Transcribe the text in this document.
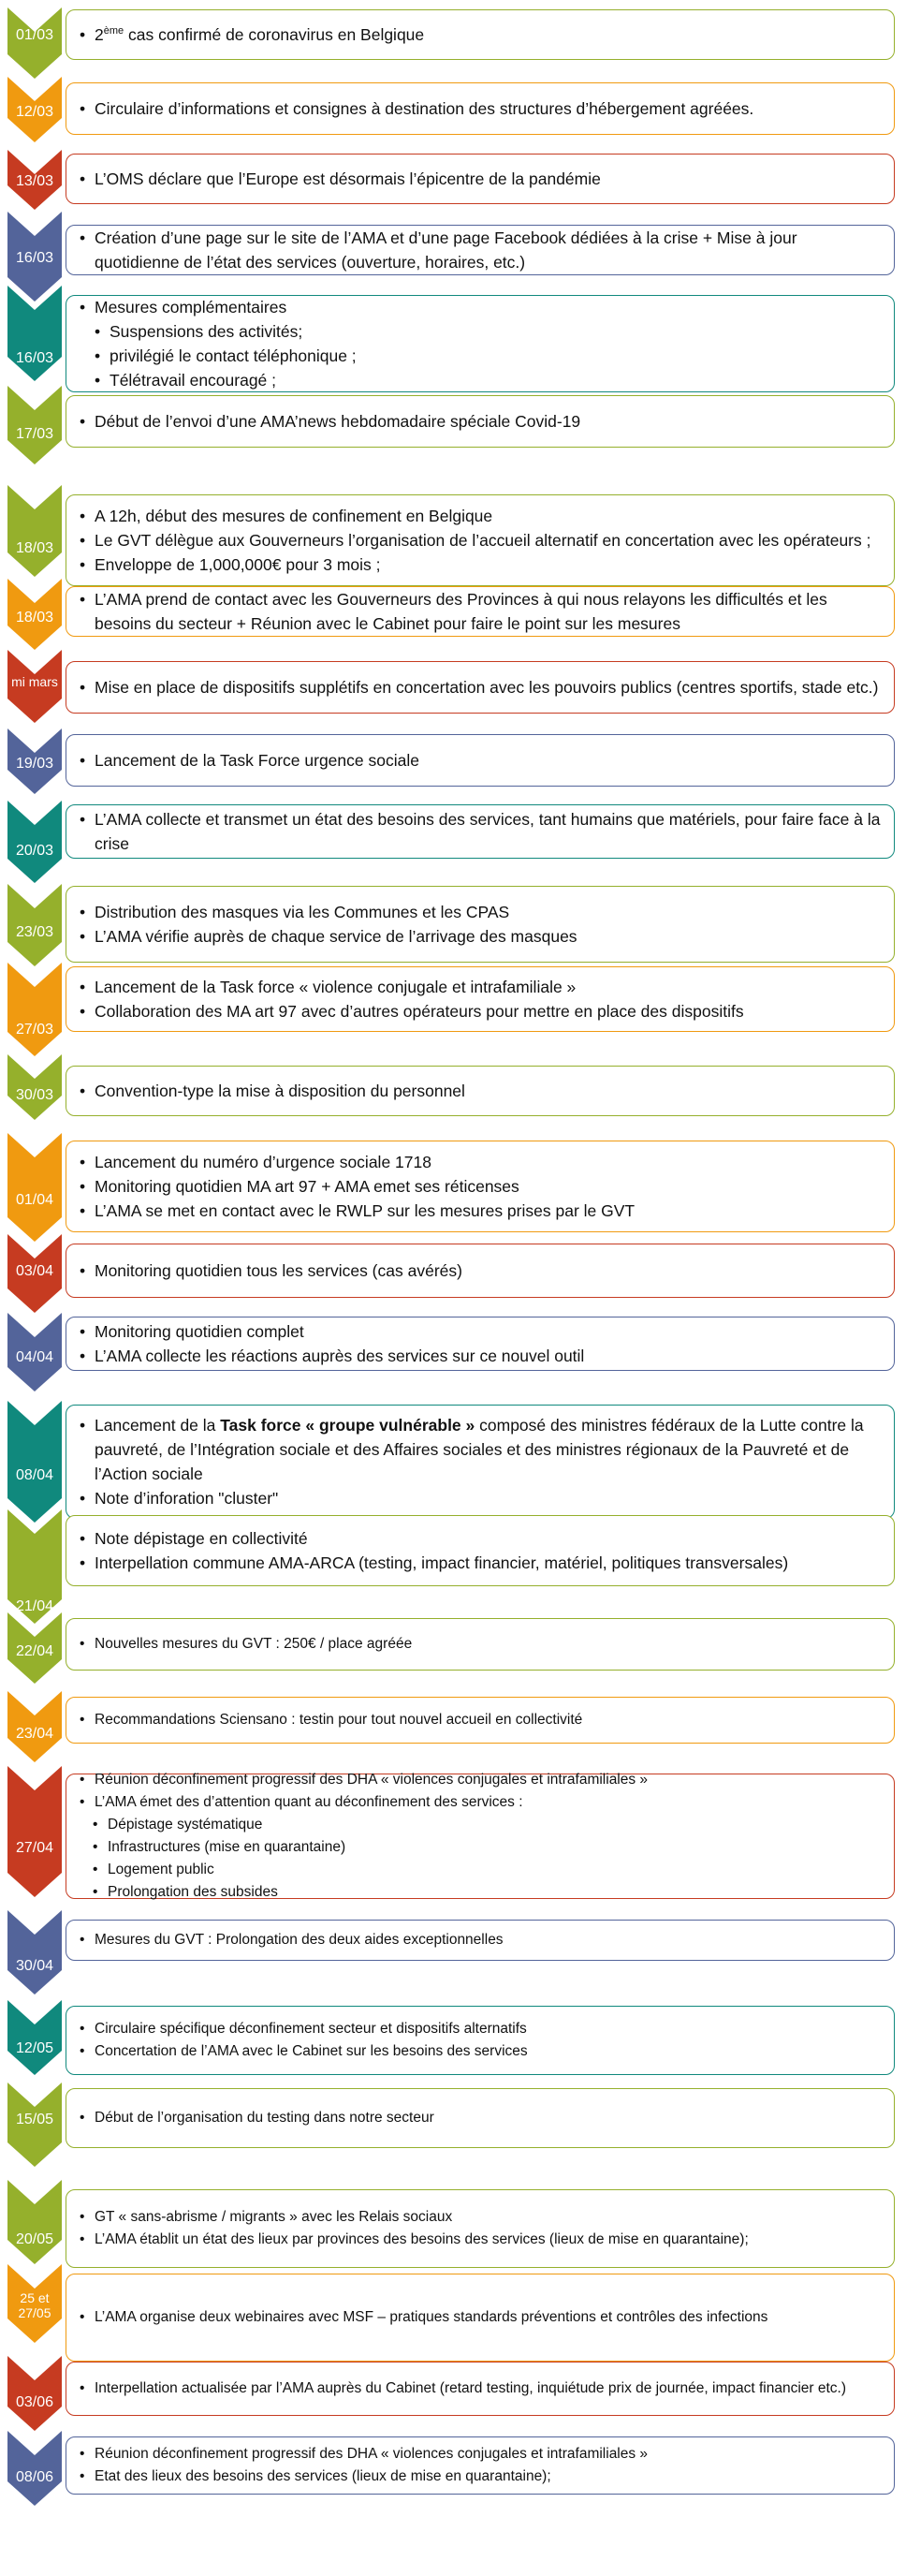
01/03	• 2ème cas confirmé de coronavirus en Belgique
12/03	• Circulaire d’informations et consignes à destination des structures d’hébergement agréées.
13/03	• L’OMS déclare que l’Europe est désormais l’épicentre de la pandémie
16/03
• Création d’une page sur le site de l’AMA et d’une page Facebook dédiées à la crise + Mise à jour quotidienne de l’état des services (ouverture, horaires, etc.)
16/03
• Mesures complémentaires
• Suspensions des activités;
• privilégié le contact téléphonique ;
• Télétravail encouragé ;
17/03
• Début de l’envoi d’une AMA’news hebdomadaire spéciale Covid-19
18/03
• A 12h, début des mesures de confinement en Belgique
• Le GVT délègue aux Gouverneurs l’organisation de l’accueil alternatif en concertation avec les opérateurs ;
• Enveloppe de 1,000,000€ pour 3 mois ;
18/03
• L’AMA prend de contact avec les Gouverneurs des Provinces à qui nous relayons les difficultés et les besoins du secteur + Réunion avec le Cabinet pour faire le point sur les mesures
mi mars	• Mise en place de dispositifs supplétifs en concertation avec les pouvoirs publics (centres sportifs, stade etc.)
19/03	• Lancement de la Task Force urgence sociale
20/03
• L’AMA collecte et transmet un état des besoins des services, tant humains que matériels, pour faire face à la crise
23/03
• Distribution des masques via les Communes et les CPAS
• L’AMA vérifie auprès de chaque service de l’arrivage des masques
27/03
• Lancement de la Task force « violence conjugale et intrafamiliale »
• Collaboration des MA art 97 avec d’autres opérateurs pour mettre en place des dispositifs
30/03	• Convention-type la mise à disposition du personnel
01/04
• Lancement du numéro d’urgence sociale 1718
• Monitoring quotidien MA art 97 + AMA emet ses réticenses
• L’AMA se met en contact avec le RWLP sur les mesures prises par le GVT
03/04	• Monitoring quotidien tous les services (cas avérés)
04/04
• Monitoring quotidien complet
• L’AMA collecte les réactions auprès des services sur ce nouvel outil
08/04
• Lancement de la Task force « groupe vulnérable » composé des ministres fédéraux de la Lutte contre la pauvreté, de l’Intégration sociale et des Affaires sociales et des ministres régionaux de la Pauvreté et de l’Action sociale
• Note d’inforation "cluster"
21/04
• Note dépistage en collectivité
• Interpellation commune AMA-ARCA (testing, impact financier, matériel, politiques transversales)
22/04	• Nouvelles mesures du GVT : 250€ / place agréée
23/04
• Recommandations Sciensano : testin pour tout nouvel accueil en collectivité
27/04
• Réunion déconfinement progressif des DHA « violences conjugales et intrafamiliales »
• L’AMA émet des d’attention quant au déconfinement des services :
• Dépistage systématique
• Infrastructures (mise en quarantaine)
• Logement public
• Prolongation des subsides
30/04
• Mesures du GVT : Prolongation des deux aides exceptionnelles
12/05
• Circulaire spécifique déconfinement secteur et dispositifs alternatifs
• Concertation de l’AMA avec le Cabinet sur les besoins des services
15/05	• Début de l’organisation du testing dans notre secteur
20/05
• GT « sans-abrisme / migrants » avec les Relais sociaux
• L’AMA établit un état des lieux par provinces des besoins des services (lieux de mise en quarantaine);
25 et 27/05	• L’AMA organise deux webinaires avec MSF – pratiques standards préventions et contrôles des infections
03/06
• Interpellation actualisée par l’AMA auprès du Cabinet (retard testing, inquiétude prix de journée, impact financier etc.)
08/06
• Réunion déconfinement progressif des DHA « violences conjugales et intrafamiliales »
• Etat des lieux des besoins des services (lieux de mise en quarantaine);
